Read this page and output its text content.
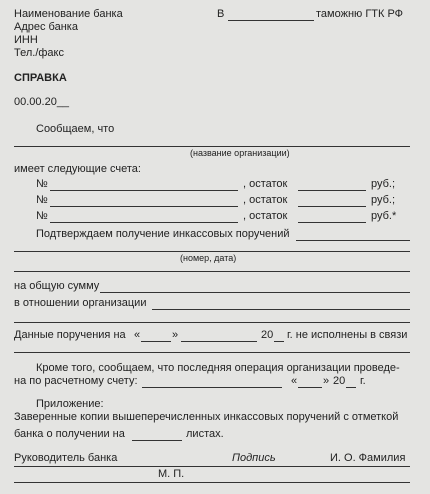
Наименование банка
Адрес банка
ИНН
Тел./факс
В	таможню ГТК РФ
СПРАВКА
00.00.20__
Сообщаем, что
(название организации)
имеет следующие счета:
№	, остаток	руб.;
№	, остаток	руб.;
№	, остаток	руб.*
Подтверждаем получение инкассовых поручений
(номер, дата)
на общую сумму
в отношении организации
Данные поручения на «	»	20 г. не исполнены в связи
Кроме того, сообщаем, что последняя операция организации проведе-
на по расчетному счету:	« » 20 г.
Приложение:
Заверенные копии вышеперечисленных инкассовых поручений с отметкой
банка о получении на	листах.
Руководитель банка	Подпись	И. О. Фамилия
М. П.
